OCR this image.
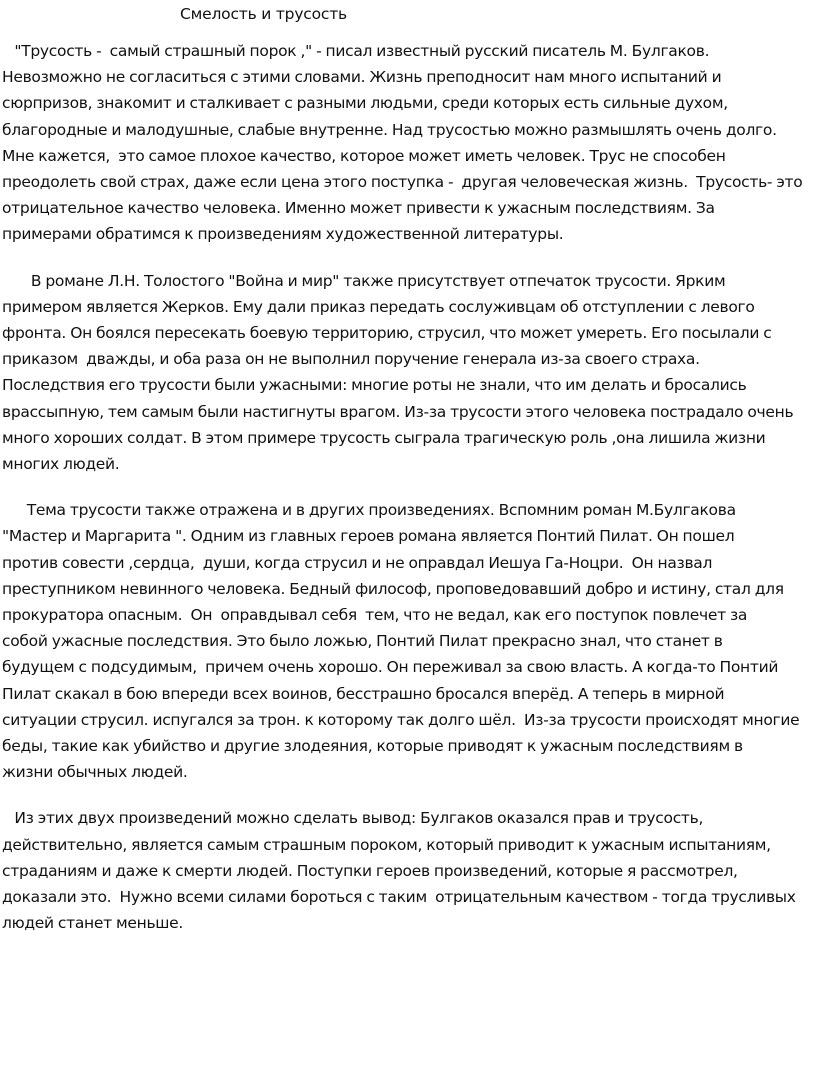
Смелость и трусость
"Трусость -  самый страшный порок ," - писал известный русский писатель М. Булгаков.
Невозможно не согласиться с этими словами. Жизнь преподносит нам много испытаний и
сюрпризов, знакомит и сталкивает с разными людьми, среди которых есть сильные духом,
благородные и малодушные, слабые внутренне. Над трусостью можно размышлять очень долго.
Мне кажется,  это самое плохое качество, которое может иметь человек. Трус не способен
преодолеть свой страх, даже если цена этого поступка -  другая человеческая жизнь.  Трусость- это
отрицательное качество человека. Именно может привести к ужасным последствиям. За
примерами обратимся к произведениям художественной литературы.
В романе Л.Н. Толостого "Война и мир" также присутствует отпечаток трусости. Ярким
примером является Жерков. Ему дали приказ передать сослуживцам об отступлении с левого
фронта. Он боялся пересекать боевую территорию, струсил, что может умереть. Его посылали с
приказом  дважды, и оба раза он не выполнил поручение генерала из-за своего страха.
Последствия его трусости были ужасными: многие роты не знали, что им делать и бросались
врассыпную, тем самым были настигнуты врагом. Из-за трусости этого человека пострадало очень
много хороших солдат. В этом примере трусость сыграла трагическую роль ,она лишила жизни
многих людей.
Тема трусости также отражена и в других произведениях. Вспомним роман М.Булгакова
"Мастер и Маргарита ". Одним из главных героев романа является Понтий Пилат. Он пошел
против совести ,сердца,  души, когда струсил и не оправдал Иешуа Га-Ноцри.  Он назвал
преступником невинного человека. Бедный философ, проповедовавший добро и истину, стал для
прокуратора опасным.  Он  оправдывал себя  тем, что не ведал, как его поступок повлечет за
собой ужасные последствия. Это было ложью, Понтий Пилат прекрасно знал, что станет в
будущем с подсудимым,  причем очень хорошо. Он переживал за свою власть. А когда-то Понтий
Пилат скакал в бою впереди всех воинов, бесстрашно бросался вперёд. А теперь в мирной
ситуации струсил. испугался за трон. к которому так долго шёл.  Из-за трусости происходят многие
беды, такие как убийство и другие злодеяния, которые приводят к ужасным последствиям в
жизни обычных людей.
Из этих двух произведений можно сделать вывод: Булгаков оказался прав и трусость,
действительно, является самым страшным пороком, который приводит к ужасным испытаниям,
страданиям и даже к смерти людей. Поступки героев произведений, которые я рассмотрел,
доказали это.  Нужно всеми силами бороться с таким  отрицательным качеством - тогда трусливых
людей станет меньше.
